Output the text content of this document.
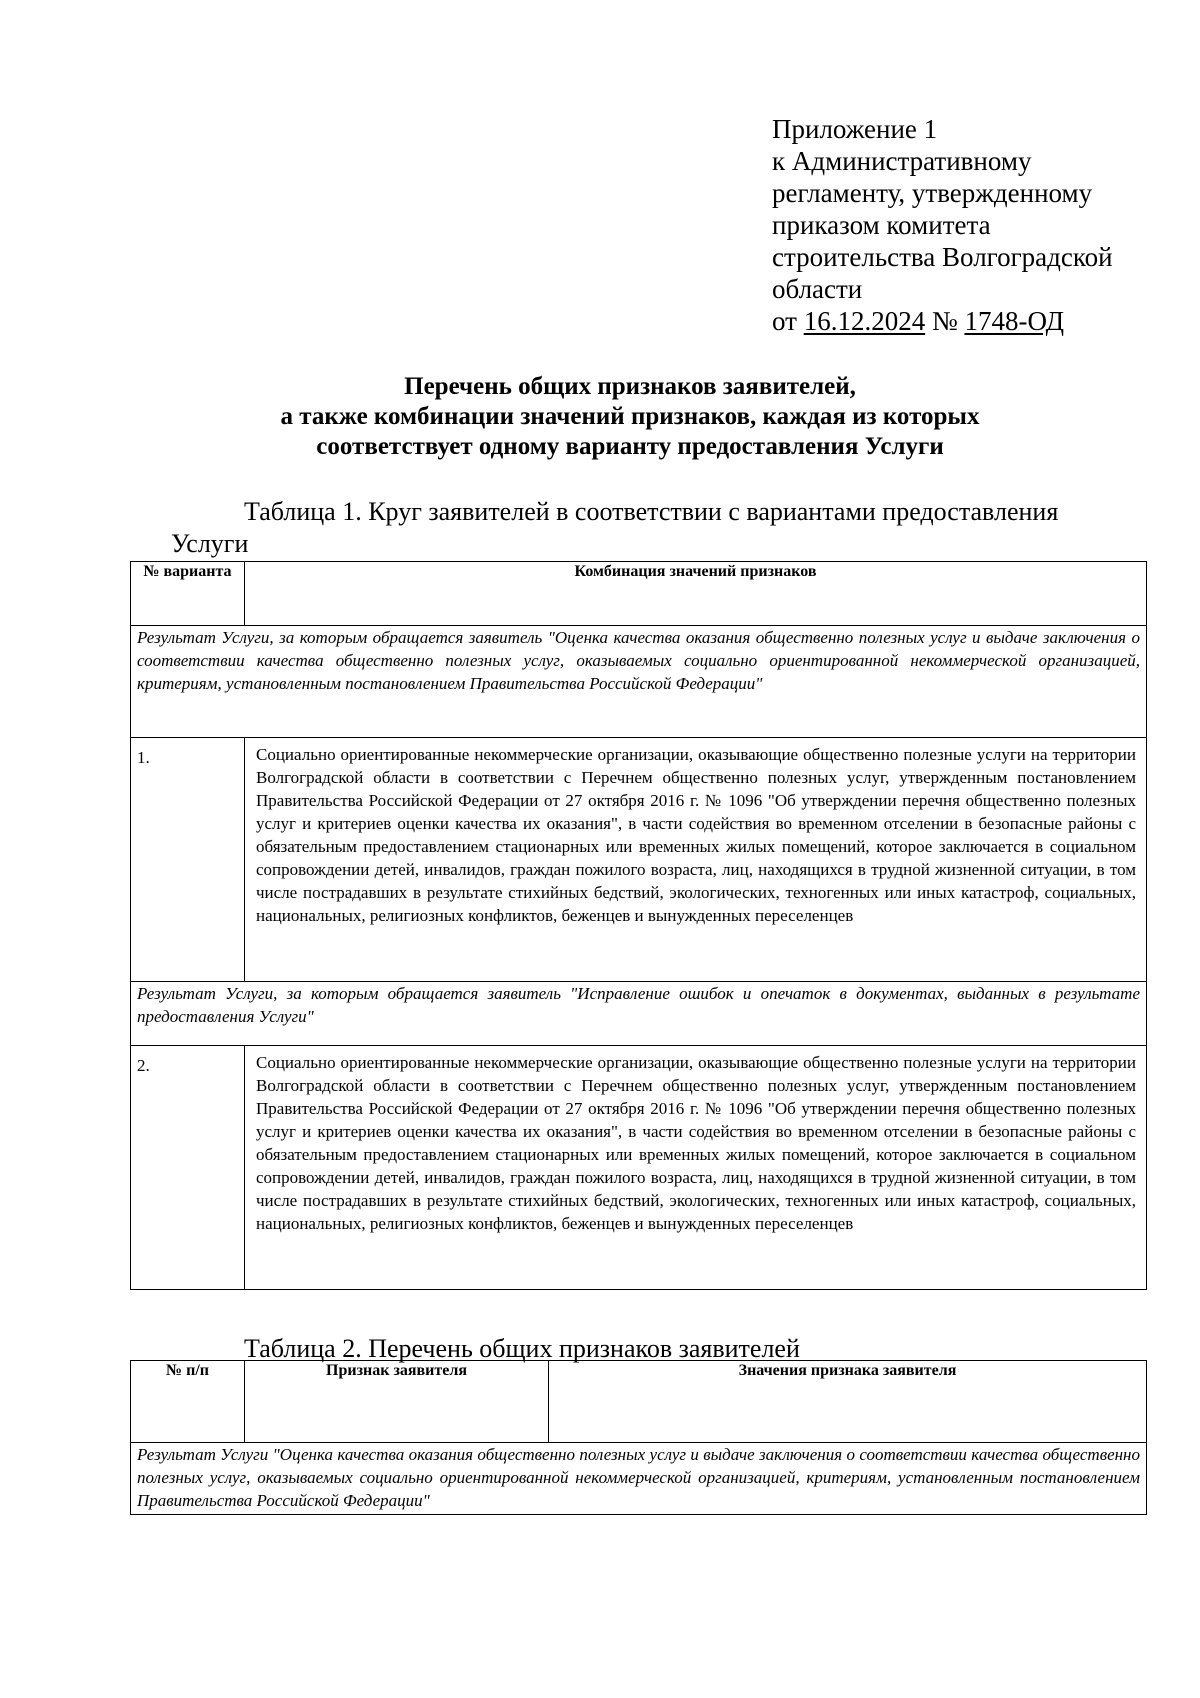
Приложение 1
к Административному
регламенту, утвержденному
приказом комитета
строительства Волгоградской
области
от 16.12.2024 № 1748-ОД
Перечень общих признаков заявителей,
а также комбинации значений признаков, каждая из которых
соответствует одному варианту предоставления Услуги
Таблица 1. Круг заявителей в соответствии с вариантами предоставления
Услуги
№ варианта	Комбинация значений признаков
Результат Услуги, за которым обращается заявитель "Оценка качества оказания общественно полезных услуг и выдаче заключения о соответствии качества общественно полезных услуг, оказываемых социально ориентированной некоммерческой организацией, критериям, установленным постановлением Правительства Российской Федерации"	
1.	Социально ориентированные некоммерческие организации, оказывающие общественно полезные услуги на территории Волгоградской области в соответствии с Перечнем общественно полезных услуг, утвержденным постановлением Правительства Российской Федерации от 27 октября 2016 г. № 1096 "Об утверждении перечня общественно полезных услуг и критериев оценки качества их оказания", в части содействия во временном отселении в безопасные районы с обязательным предоставлением стационарных или временных жилых помещений, которое заключается в социальном сопровождении детей, инвалидов, граждан пожилого возраста, лиц, находящихся в трудной жизненной ситуации, в том числе пострадавших в результате стихийных бедствий, экологических, техногенных или иных катастроф, социальных, национальных, религиозных конфликтов, беженцев и вынужденных переселенцев
Результат Услуги, за которым обращается заявитель "Исправление ошибок и опечаток в документах, выданных в результате предоставления Услуги"	
2.	Социально ориентированные некоммерческие организации, оказывающие общественно полезные услуги на территории Волгоградской области в соответствии с Перечнем общественно полезных услуг, утвержденным постановлением Правительства Российской Федерации от 27 октября 2016 г. № 1096 "Об утверждении перечня общественно полезных услуг и критериев оценки качества их оказания", в части содействия во временном отселении в безопасные районы с обязательным предоставлением стационарных или временных жилых помещений, которое заключается в социальном сопровождении детей, инвалидов, граждан пожилого возраста, лиц, находящихся в трудной жизненной ситуации, в том числе пострадавших в результате стихийных бедствий, экологических, техногенных или иных катастроф, социальных, национальных, религиозных конфликтов, беженцев и вынужденных переселенцев
Таблица 2. Перечень общих признаков заявителей
№ п/п	Признак заявителя	Значения признака заявителя
Результат Услуги "Оценка качества оказания общественно полезных услуг и выдаче заключения о соответствии качества общественно полезных услуг, оказываемых социально ориентированной некоммерческой организацией, критериям, установленным постановлением Правительства Российской Федерации"
